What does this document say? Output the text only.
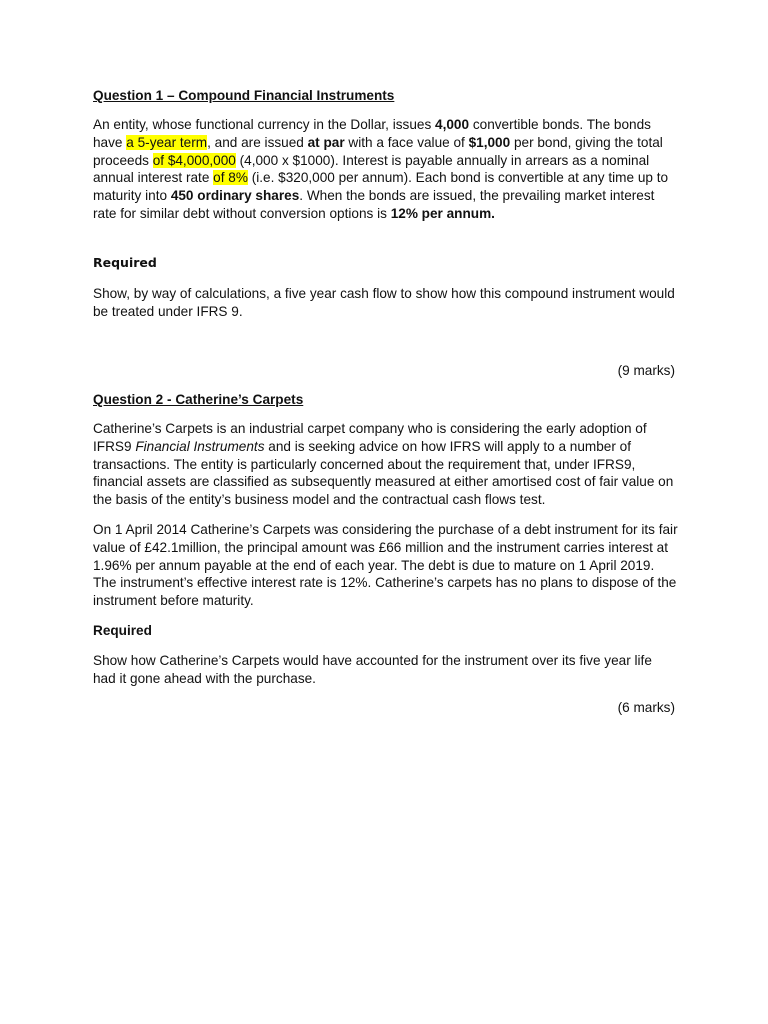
Question 1 – Compound Financial Instruments

An entity, whose functional currency in the Dollar, issues 4,000 convertible bonds. The bonds have a 5-year term, and are issued at par with a face value of $1,000 per bond, giving the total proceeds of $4,000,000 (4,000 x $1000). Interest is payable annually in arrears as a nominal annual interest rate of 8% (i.e. $320,000 per annum). Each bond is convertible at any time up to maturity into 450 ordinary shares. When the bonds are issued, the prevailing market interest rate for similar debt without conversion options is 12% per annum.

Required

Show, by way of calculations, a five year cash flow to show how this compound instrument would be treated under IFRS 9.

(9 marks)
Question 2 - Catherine’s Carpets

Catherine’s Carpets is an industrial carpet company who is considering the early adoption of IFRS9 Financial Instruments and is seeking advice on how IFRS will apply to a number of transactions. The entity is particularly concerned about the requirement that, under IFRS9, financial assets are classified as subsequently measured at either amortised cost of fair value on the basis of the entity’s business model and the contractual cash flows test.

On 1 April 2014 Catherine’s Carpets was considering the purchase of a debt instrument for its fair value of £42.1million, the principal amount was £66 million and the instrument carries interest at 1.96% per annum payable at the end of each year. The debt is due to mature on 1 April 2019. The instrument’s effective interest rate is 12%. Catherine’s carpets has no plans to dispose of the instrument before maturity.

Required

Show how Catherine’s Carpets would have accounted for the instrument over its five year life had it gone ahead with the purchase.

(6 marks)
